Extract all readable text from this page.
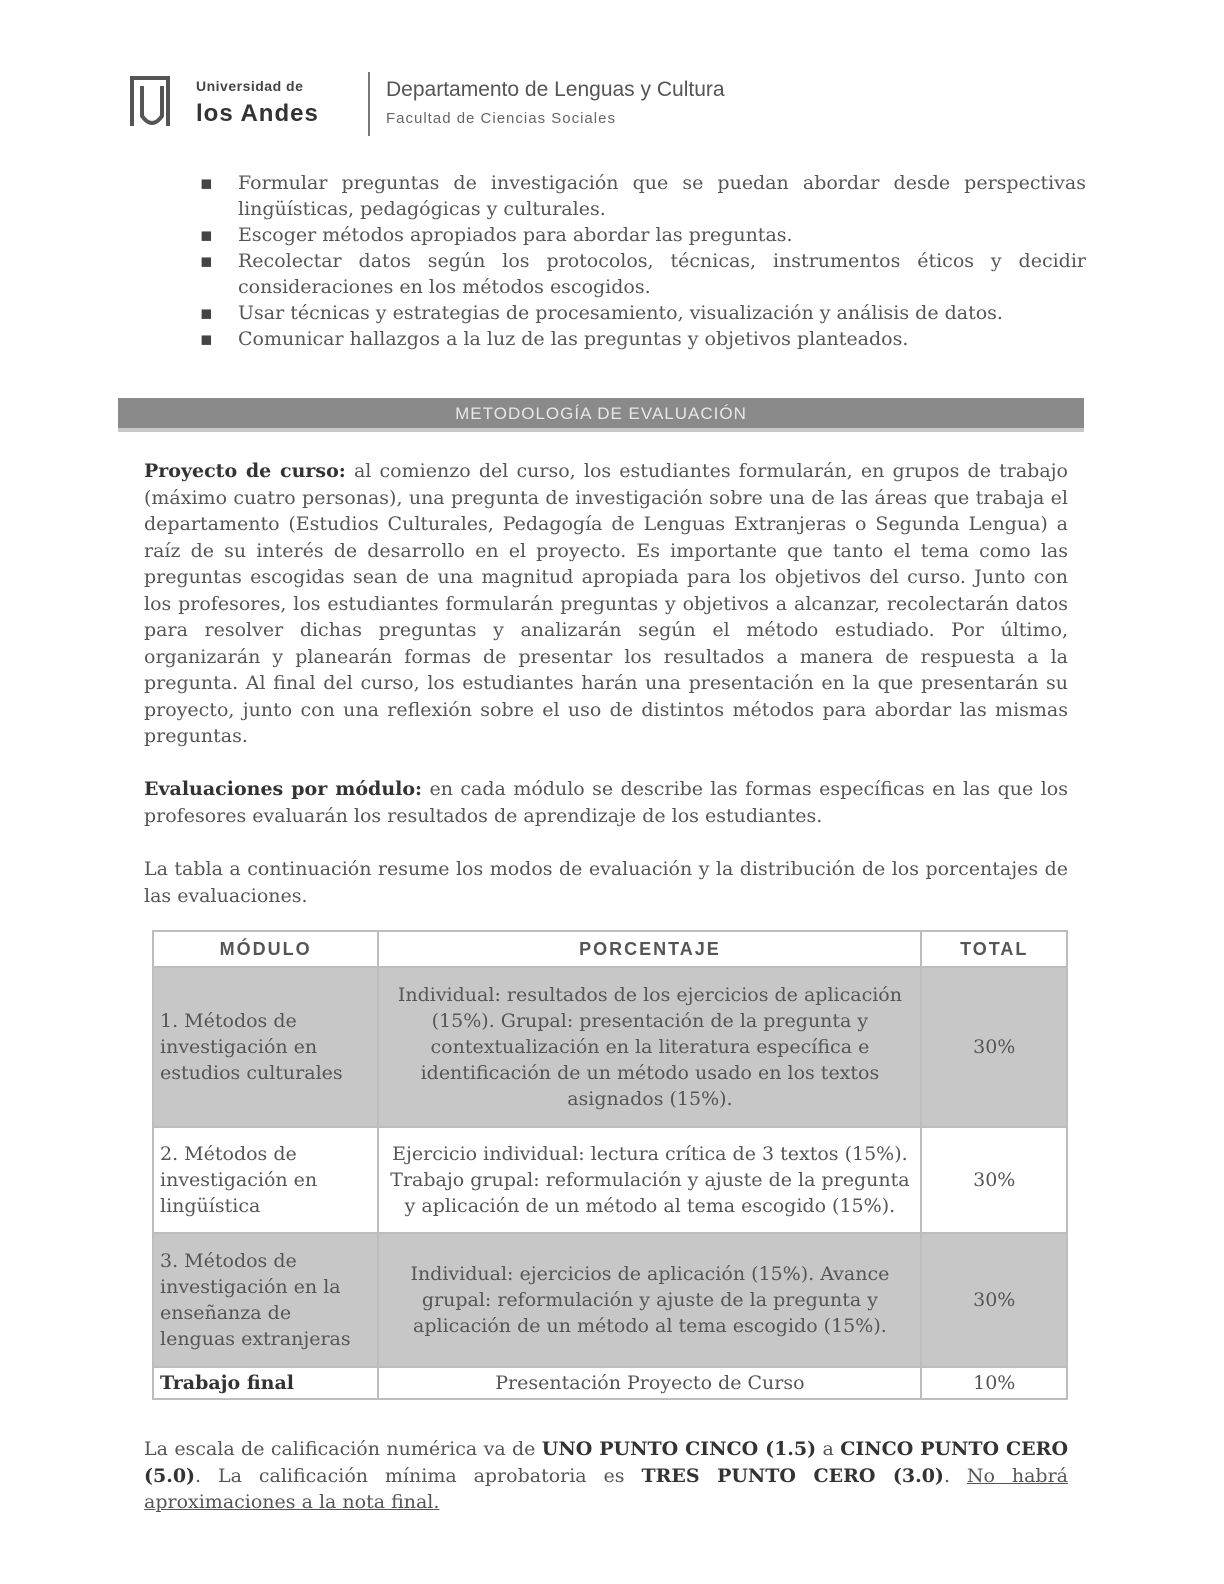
Universidad de
los Andes
Departamento de Lenguas y Cultura
Facultad de Ciencias Sociales
▪ Formular preguntas de investigación que se puedan abordar desde perspectivas lingüísticas, pedagógicas y culturales.
▪ Escoger métodos apropiados para abordar las preguntas.
▪ Recolectar datos según los protocolos, técnicas, instrumentos éticos y decidir consideraciones en los métodos escogidos.
▪ Usar técnicas y estrategias de procesamiento, visualización y análisis de datos.
▪ Comunicar hallazgos a la luz de las preguntas y objetivos planteados.
METODOLOGÍA DE EVALUACIÓN

Proyecto de curso: al comienzo del curso, los estudiantes formularán, en grupos de trabajo (máximo cuatro personas), una pregunta de investigación sobre una de las áreas que trabaja el departamento (Estudios Culturales, Pedagogía de Lenguas Extranjeras o Segunda Lengua) a raíz de su interés de desarrollo en el proyecto. Es importante que tanto el tema como las preguntas escogidas sean de una magnitud apropiada para los objetivos del curso. Junto con los profesores, los estudiantes formularán preguntas y objetivos a alcanzar, recolectarán datos para resolver dichas preguntas y analizarán según el método estudiado. Por último, organizarán y planearán formas de presentar los resultados a manera de respuesta a la pregunta. Al final del curso, los estudiantes harán una presentación en la que presentarán su proyecto, junto con una reflexión sobre el uso de distintos métodos para abordar las mismas preguntas.

Evaluaciones por módulo: en cada módulo se describe las formas específicas en las que los profesores evaluarán los resultados de aprendizaje de los estudiantes.

La tabla a continuación resume los modos de evaluación y la distribución de los porcentajes de las evaluaciones.

MÓDULO	PORCENTAJE	TOTAL
1. Métodos de investigación en estudios culturales	Individual: resultados de los ejercicios de aplicación (15%). Grupal: presentación de la pregunta y contextualización en la literatura específica e identificación de un método usado en los textos asignados (15%).	30%
2. Métodos de investigación en lingüística	Ejercicio individual: lectura crítica de 3 textos (15%). Trabajo grupal: reformulación y ajuste de la pregunta y aplicación de un método al tema escogido (15%).	30%
3. Métodos de investigación en la enseñanza de lenguas extranjeras	Individual: ejercicios de aplicación (15%). Avance grupal: reformulación y ajuste de la pregunta y aplicación de un método al tema escogido (15%).	30%
Trabajo final	Presentación Proyecto de Curso	10%

La escala de calificación numérica va de UNO PUNTO CINCO (1.5) a CINCO PUNTO CERO (5.0). La calificación mínima aprobatoria es TRES PUNTO CERO (3.0). No habrá aproximaciones a la nota final.
